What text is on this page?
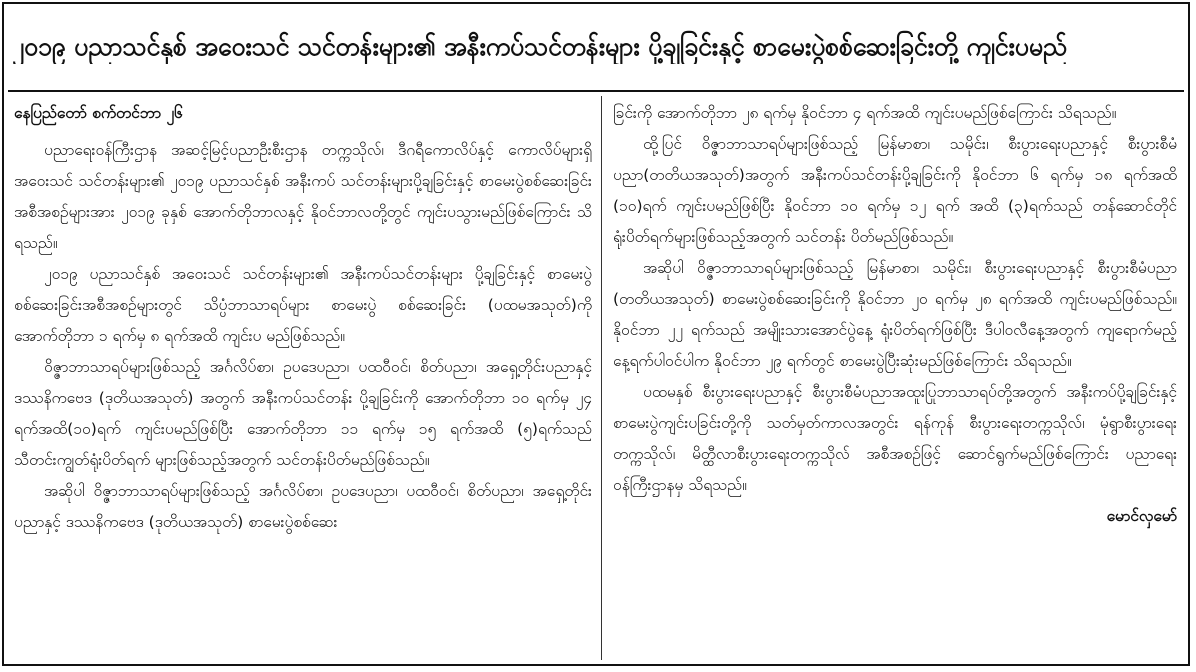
၂၀၁၉ ပညာသင်နှစ် အဝေးသင် သင်တန်းများ၏ အနီးကပ်သင်တန်းများ ပို့ချခြင်းနှင့် စာမေးပွဲစစ်ဆေးခြင်းတို့ ကျင်းပမည်
နေပြည်တော် စက်တင်ဘာ ၂၆

ပညာရေးဝန်ကြီးဌာန အဆင့်မြင့်ပညာဦးစီးဌာန တက္ကသိုလ်၊ ဒီဂရီကောလိပ်နှင့် ကောလိပ်များရှိ အဝေးသင် သင်တန်းများ၏ ၂၀၁၉ ပညာသင်နှစ် အနီးကပ် သင်တန်းများပို့ချခြင်းနှင့် စာမေးပွဲစစ်ဆေးခြင်း အစီအစဉ်များအား ၂၀၁၉ ခုနှစ် အောက်တိုဘာလနှင့် နိုဝင်ဘာလတို့တွင် ကျင်းပသွားမည်ဖြစ်ကြောင်း သိရသည်။

၂၀၁၉ ပညာသင်နှစ် အဝေးသင် သင်တန်းများ၏ အနီးကပ်သင်တန်းများ ပို့ချခြင်းနှင့် စာမေးပွဲစစ်ဆေးခြင်းအစီအစဉ်များတွင် သိပ္ပံဘာသာရပ်များ စာမေးပွဲ စစ်ဆေးခြင်း (ပထမအသုတ်)ကို အောက်တိုဘာ ၁ ရက်မှ ၈ ရက်အထိ ကျင်းပ မည်ဖြစ်သည်။

ဝိဇ္ဇာဘာသာရပ်များဖြစ်သည့် အင်္ဂလိပ်စာ၊ ဥပဒေပညာ၊ ပထဝီဝင်၊ စိတ်ပညာ၊ အရှေ့တိုင်းပညာနှင့် ဒဿနိကဗေဒ (ဒုတိယအသုတ်) အတွက် အနီးကပ်သင်တန်း ပို့ချခြင်းကို အောက်တိုဘာ ၁၀ ရက်မှ ၂၄ ရက်အထိ(၁၀)ရက် ကျင်းပမည်ဖြစ်ပြီး အောက်တိုဘာ ၁၁ ရက်မှ ၁၅ ရက်အထိ (၅)ရက်သည် သီတင်းကျွတ်ရုံးပိတ်ရက် များဖြစ်သည့်အတွက် သင်တန်းပိတ်မည်ဖြစ်သည်။

အဆိုပါ ဝိဇ္ဇာဘာသာရပ်များဖြစ်သည့် အင်္ဂလိပ်စာ၊ ဥပဒေပညာ၊ ပထဝီဝင်၊ စိတ်ပညာ၊ အရှေ့တိုင်းပညာနှင့် ဒဿနိကဗေဒ (ဒုတိယအသုတ်) စာမေးပွဲစစ်ဆေး

ခြင်းကို အောက်တိုဘာ ၂၈ ရက်မှ နိုဝင်ဘာ ၄ ရက်အထိ ကျင်းပမည်ဖြစ်ကြောင်း သိရသည်။

ထို့ပြင် ဝိဇ္ဇာဘာသာရပ်များဖြစ်သည့် မြန်မာစာ၊ သမိုင်း၊ စီးပွားရေးပညာနှင့် စီးပွားစီမံပညာ(တတိယအသုတ်)အတွက် အနီးကပ်သင်တန်းပို့ချခြင်းကို နိုဝင်ဘာ ၆ ရက်မှ ၁၈ ရက်အထိ (၁၀)ရက် ကျင်းပမည်ဖြစ်ပြီး နိုဝင်ဘာ ၁၀ ရက်မှ ၁၂ ရက် အထိ (၃)ရက်သည် တန်ဆောင်တိုင်ရုံးပိတ်ရက်များဖြစ်သည့်အတွက် သင်တန်း ပိတ်မည်ဖြစ်သည်။

အဆိုပါ ဝိဇ္ဇာဘာသာရပ်များဖြစ်သည့် မြန်မာစာ၊ သမိုင်း၊ စီးပွားရေးပညာနှင့် စီးပွားစီမံပညာ (တတိယအသုတ်) စာမေးပွဲစစ်ဆေးခြင်းကို နိုဝင်ဘာ ၂၀ ရက်မှ ၂၈ ရက်အထိ ကျင်းပမည်ဖြစ်သည်။ နိုဝင်ဘာ ၂၂ ရက်သည် အမျိုးသားအောင်ပွဲနေ့ ရုံးပိတ်ရက်ဖြစ်ပြီး ဒီပါဝလီနေ့အတွက် ကျရောက်မည့် နေ့ရက်ပါဝင်ပါက နိုဝင်ဘာ ၂၉ ရက်တွင် စာမေးပွဲပြီးဆုံးမည်ဖြစ်ကြောင်း သိရသည်။

ပထမနှစ် စီးပွားရေးပညာနှင့် စီးပွားစီမံပညာအထူးပြုဘာသာရပ်တို့အတွက် အနီးကပ်ပို့ချခြင်းနှင့် စာမေးပွဲကျင်းပခြင်းတို့ကို သတ်မှတ်ကာလအတွင်း ရန်ကုန် စီးပွားရေးတက္ကသိုလ်၊ မုံရွာစီးပွားရေးတက္ကသိုလ်၊ မိတ္ထီလာစီးပွားရေးတက္ကသိုလ် အစီအစဉ်ဖြင့် ဆောင်ရွက်မည်ဖြစ်ကြောင်း ပညာရေးဝန်ကြီးဌာနမှ သိရသည်။

မောင်လှမော်
